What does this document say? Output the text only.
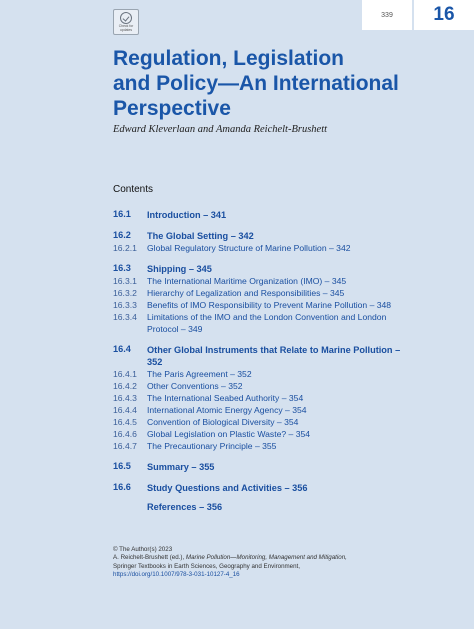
Check for updates
339 16
Regulation, Legislation
and Policy—An International
Perspective
Edward Kleverlaan and Amanda Reichelt-Brushett
Contents
16.1	Introduction – 341
16.2	The Global Setting – 342
16.2.1	Global Regulatory Structure of Marine Pollution – 342
16.3	Shipping – 345
16.3.1	The International Maritime Organization (IMO) – 345
16.3.2	Hierarchy of Legalization and Responsibilities – 345
16.3.3	Benefits of IMO Responsibility to Prevent Marine Pollution – 348
16.3.4	Limitations of the IMO and the London Convention and London Protocol – 349
16.4	Other Global Instruments that Relate to Marine Pollution – 352
16.4.1	The Paris Agreement – 352
16.4.2	Other Conventions – 352
16.4.3	The International Seabed Authority – 354
16.4.4	International Atomic Energy Agency – 354
16.4.5	Convention of Biological Diversity – 354
16.4.6	Global Legislation on Plastic Waste? – 354
16.4.7	The Precautionary Principle – 355
16.5	Summary – 355
16.6	Study Questions and Activities – 356
References – 356
© The Author(s) 2023
A. Reichelt-Brushett (ed.), Marine Pollution—Monitoring, Management and Mitigation,
Springer Textbooks in Earth Sciences, Geography and Environment,
https://doi.org/10.1007/978-3-031-10127-4_16
